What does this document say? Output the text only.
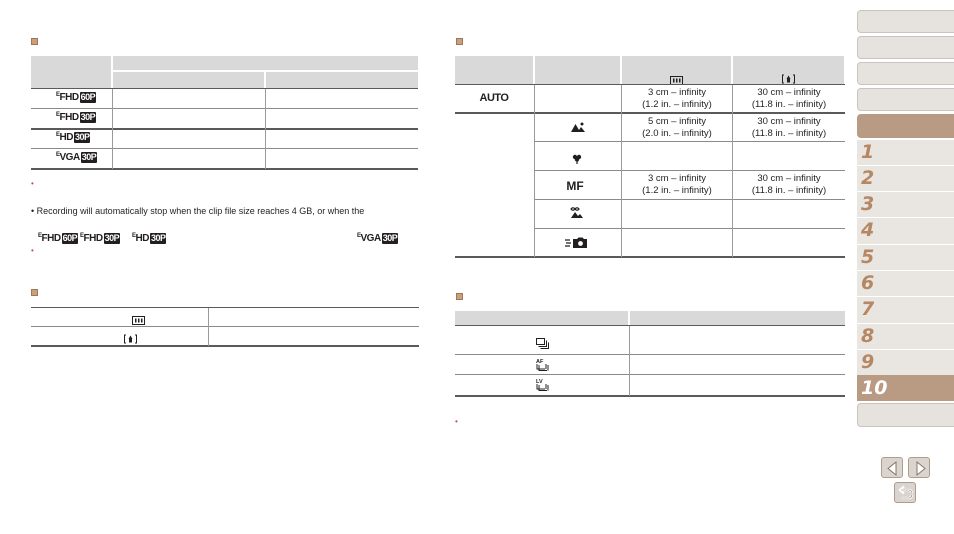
$^E$FHD 60P
$^E$FHD 30P
$^E$HD 30P
$^E$VGA 30P
•
• Recording will automatically stop when the clip file size reaches 4 GB, or when the
$^E$FHD 60P $^E$FHD 30P $^E$HD 30P	$^E$VGA 30P
•
AUTO	3 cm – infinity
(1.2 in. – infinity)
30 cm – infinity
(11.8 in. – infinity)
5 cm – infinity
(2.0 in. – infinity)
30 cm – infinity
(11.8 in. – infinity)
MF
3 cm – infinity
(1.2 in. – infinity)
30 cm – infinity
(11.8 in. – infinity)
AF
LV
•
1
2
3
4
5
6
7
8
9
10
